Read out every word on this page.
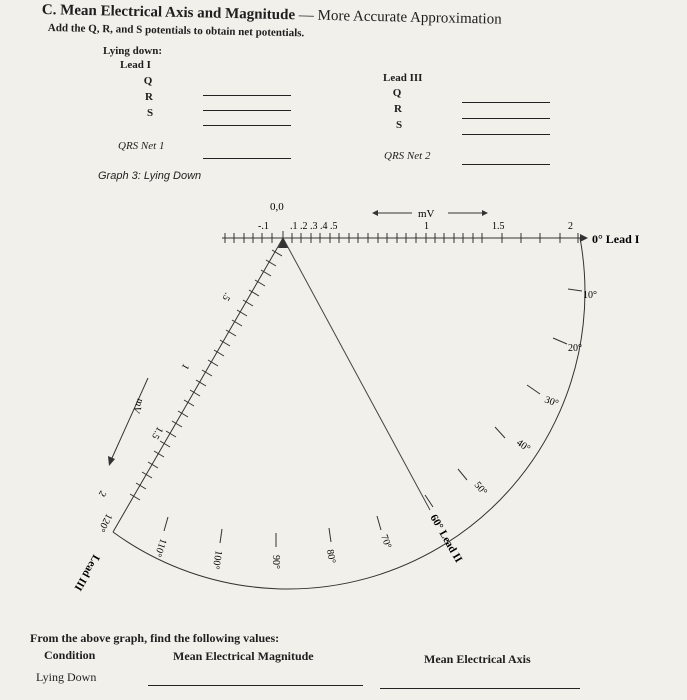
C. Mean Electrical Axis and Magnitude — More Accurate Approximation
Add the Q, R, and S potentials to obtain net potentials.
Lying down:
Lead I
Q
R
S
QRS Net 1
Lead III
Q
R
S
QRS Net 2
Graph 3: Lying Down
0,0
mV
-.1 .1 .2 .3 .4 .5	1	1.5	2
0° Lead I
10°
20°
30°
40°
50°
60° Lead II
70°
80°
90°
100°
110°
120°
Lead III
.5
1
1.5
2
mV
From the above graph, find the following values:
Condition	Mean Electrical Magnitude	Mean Electrical Axis
Lying Down
